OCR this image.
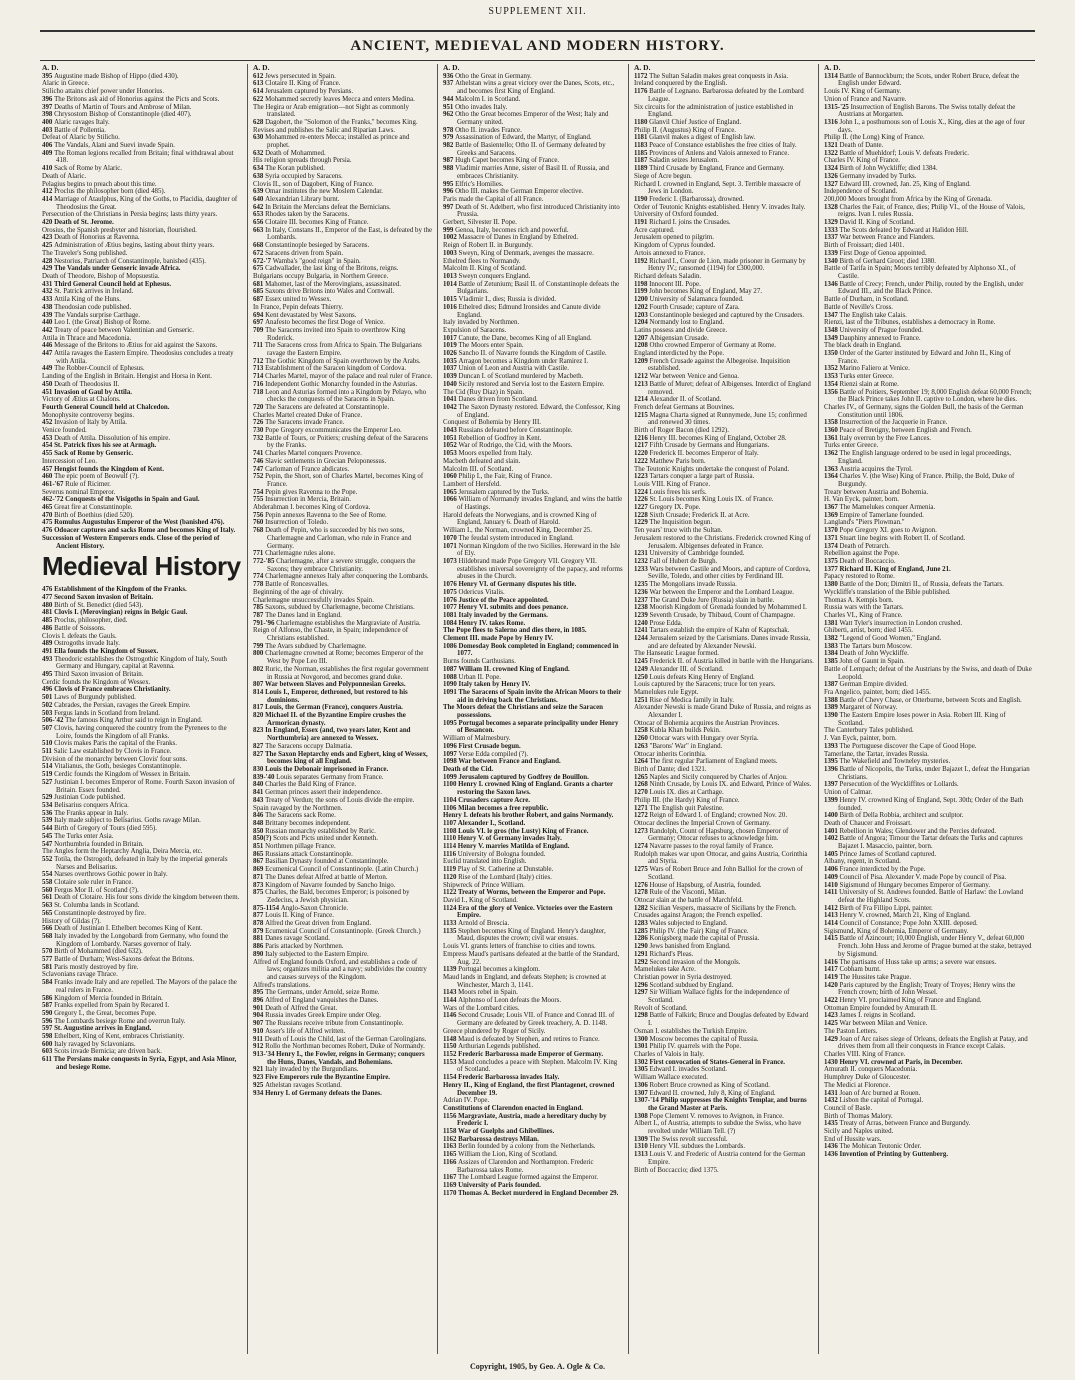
SUPPLEMENT XII.
ANCIENT, MEDIEVAL AND MODERN HISTORY.
A. D.

395 Augustine made Bishop of Hippo (died 430).

Alaric in Greece.

Stilicho attains chief power under Honorius.

396 The Britons ask aid of Honorius against the Picts and Scots.

397 Deaths of Martin of Tours and Ambrose of Milan.

398 Chrysostom Bishop of Constantinople (died 407).

400 Alaric ravages Italy.

403 Battle of Pollentia.

Defeat of Alaric by Stilicho.

406 The Vandals, Alani and Suevi invade Spain.

409 The Roman legions recalled from Britain; final withdrawal about 418.

410 Sack of Rome by Alaric.

Death of Alaric.

Pelagius begins to preach about this time.

412 Proclus the philosopher born (died 485).

414 Marriage of Ataulphus, King of the Goths, to Placidia, daughter of Theodosius the Great.

Persecution of the Christians in Persia begins; lasts thirty years.

420 Death of St. Jerome.

Orosius, the Spanish presbyter and historian, flourished.

423 Death of Honorius at Ravenna.

425 Administration of Ætius begins, lasting about thirty years.

The Traveler's Song published.

428 Nestorius, Patriarch of Constantinople, banished (435).

429 The Vandals under Genseric invade Africa.

Death of Theodore, Bishop of Mopsuestia.

431 Third General Council held at Ephesus.

432 St. Patrick arrives in Ireland.

433 Attila King of the Huns.

438 Theodosian code published.

439 The Vandals surprise Carthage.

440 Leo I. (the Great) Bishop of Rome.

442 Treaty of peace between Valentinian and Genseric.

Attila in Thrace and Macedonia.

446 Message of the Britons to Ætius for aid against the Saxons.

447 Attila ravages the Eastern Empire. Theodosius concludes a treaty with Attila.

449 The Robber-Council of Ephesus.

Landing of the English in Britain. Hengist and Horsa in Kent.

450 Death of Theodosius II.

451 Invasion of Gaul by Attila.

Victory of Ætius at Chalons.

Fourth General Council held at Chalcedon.

Monophysite controversy begins.

452 Invasion of Italy by Attila.

Venice founded.

453 Death of Attila. Dissolution of his empire.

454 St. Patrick fixes his see at Armagh.

455 Sack of Rome by Genseric.

Intercession of Leo.

457 Hengist founds the Kingdom of Kent.

460 The epic poem of Beowulf (?).

461-'67 Rule of Ricimer.

Severus nominal Emperor.

462-'72 Conquests of the Visigoths in Spain and Gaul.

465 Great fire at Constantinople.

470 Birth of Boethius (died 520).

475 Romulus Augustulus Emperor of the West (banished 476).

476 Odoacer captures and sacks Rome and becomes King of Italy.

Succession of Western Emperors ends. Close of the period of Ancient History.

Medieval History

476 Establishment of the Kingdom of the Franks.

477 Second Saxon invasion of Britain.

480 Birth of St. Benedict (died 543).

481 Clovis I. (Merovingian) reigns in Belgic Gaul.

485 Proclus, philosopher, died.

486 Battle of Soissons.

Clovis I. defeats the Gauls.

489 Ostrogoths invade Italy.

491 Ella founds the Kingdom of Sussex.

493 Theodoric establishes the Ostrogothic Kingdom of Italy, South Germany and Hungary, capital at Ravenna.

495 Third Saxon invasion of Britain.

Cerdic founds the Kingdom of Wessex.

496 Clovis of France embraces Christianity.

501 Laws of Burgundy published.

502 Cabrades, the Persian, ravages the Greek Empire.

503 Fergus lands in Scotland from Ireland.

506-'42 The famous King Arthur said to reign in England.

507 Clovis, having conquered the country from the Pyrenees to the Loire, founds the Kingdom of all Franks.

510 Clovis makes Paris the capital of the Franks.

511 Salic Law established by Clovis in France.

Division of the monarchy between Clovis' four sons.

514 Vitalianus, the Goth, besieges Constantinople.

519 Cerdic founds the Kingdom of Wessex in Britain.

527 Justinian I. becomes Emperor of Rome. Fourth Saxon invasion of Britain. Essex founded.

529 Justinian Code published.

534 Belisarius conquers Africa.

536 The Franks appear in Italy.

539 Italy made subject to Belisarius. Goths ravage Milan.

544 Birth of Gregory of Tours (died 595).

545 The Turks enter Asia.

547 Northumbria founded in Britain.

The Angles form the Heptarchy Anglia, Deira Mercia, etc.

552 Totila, the Ostrogoth, defeated in Italy by the imperial generals Narses and Belisarius.

554 Narses overthrows Gothic power in Italy.

558 Clotaire sole ruler in France.

560 Fergus Mor II. of Scotland (?).

561 Death of Clotaire. His four sons divide the kingdom between them.

563 St. Columba lands in Scotland.

565 Constantinople destroyed by fire.

History of Gildas (?).

566 Death of Justinian I. Ethelbert becomes King of Kent.

568 Italy invaded by the Longobardi from Germany, who found the Kingdom of Lombardy. Narses governor of Italy.

570 Birth of Mohammed (died 632).

577 Battle of Durham; West-Saxons defeat the Britons.

581 Paris mostly destroyed by fire.

Sclavonians ravage Thrace.

584 Franks invade Italy and are repelled. The Mayors of the palace the real rulers in France.

586 Kingdom of Mercia founded in Britain.

587 Franks expelled from Spain by Recared I.

590 Gregory I., the Great, becomes Pope.

596 The Lombards besiege Rome and overrun Italy.

597 St. Augustine arrives in England.

598 Ethelbert, King of Kent, embraces Christianity.

600 Italy ravaged by Sclavonians.

603 Scots invade Bernicia; are driven back.

611 The Persians make conquests in Syria, Egypt, and Asia Minor, and besiege Rome.

A. D.

612 Jews persecuted in Spain.

613 Clotaire II. King of France.

614 Jerusalem captured by Persians.

622 Mohammed secretly leaves Mecca and enters Medina.

The Hegira or Arab emigration—not Sight as commonly translated.

628 Dagobert, the "Solomon of the Franks," becomes King.

Revises and publishes the Salic and Riparian Laws.

630 Mohammed re-enters Mecca; installed as prince and prophet.

632 Death of Mohammed.

His religion spreads through Persia.

634 The Koran published.

638 Syria occupied by Saracens.

Clovis II., son of Dagobert, King of France.

639 Omar institutes the new Moslem Calendar.

640 Alexandrian Library burnt.

642 In Britain the Mercians defeat the Bernicians.

653 Rhodes taken by the Saracens.

656 Clotaire III. becomes King of France.

663 In Italy, Constans II., Emperor of the East, is defeated by the Lombards.

668 Constantinople besieged by Saracens.

672 Saracens driven from Spain.

672-'7 Wamba's "good reign" in Spain.

675 Cadwallader, the last king of the Britons, reigns.

Bulgarians occupy Bulgaria, in Northern Greece.

681 Mahomet, last of the Merovingians, assassinated.

685 Saxons drive Britons into Wales and Cornwall.

687 Essex united to Wessex.

In France, Pepin defeats Thierry.

694 Kent devastated by West Saxons.

697 Anafesto becomes the first Doge of Venice.

709 The Saracens invited into Spain to overthrow King Roderick.

711 The Saracens cross from Africa to Spain. The Bulgarians ravage the Eastern Empire.

712 The Gothic Kingdom of Spain overthrown by the Arabs.

713 Establishment of the Saracen kingdom of Cordova.

714 Charles Martel, mayor of the palace and real ruler of France.

716 Independent Gothic Monarchy founded in the Asturias.

718 Leon and Asturias formed into a Kingdom by Pelayo, who checks the conquests of the Saracens in Spain.

720 The Saracens are defeated at Constantinople.

Charles Martel created Duke of France.

726 The Saracens invade France.

730 Pope Gregory excommunicates the Emperor Leo.

732 Battle of Tours, or Poitiers; crushing defeat of the Saracens by the Franks.

741 Charles Martel conquers Provence.

746 Slavic settlements in Grecian Peloponessus.

747 Carloman of France abdicates.

752 Pepin, the Short, son of Charles Martel, becomes King of France.

754 Pepin gives Ravenna to the Pope.

755 Insurrection in Mercia, Britain.

Abderahman I. becomes King of Cordova.

756 Pepin annexes Ravenna to the See of Rome.

760 Insurrection of Toledo.

768 Death of Pepin, who is succeeded by his two sons, Charlemagne and Carloman, who rule in France and Germany.

771 Charlemagne rules alone.

772-'85 Charlemagne, after a severe struggle, conquers the Saxons; they embrace Christianity.

774 Charlemagne annexes Italy after conquering the Lombards.

778 Battle of Roncesvalles.

Beginning of the age of chivalry.

Charlemagne unsuccessfully invades Spain.

785 Saxons, subdued by Charlemagne, become Christians.

787 The Danes land in England.

791-'96 Charlemagne establishes the Margraviate of Austria.

Reign of Alfonso, the Chaste, in Spain; independence of Christians established.

799 The Avars subdued by Charlemagne.

800 Charlemagne crowned at Rome; becomes Emperor of the West by Pope Leo III.

802 Ruric, the Norman, establishes the first regular government in Russia at Novgorod, and becomes grand duke.

807 War between Slaves and Polyponnesian Greeks.

814 Louis I., Emperor, dethroned, but restored to his dominions.

817 Louis, the German (France), conquers Austria.

820 Michael II. of the Byzantine Empire crushes the Armorican dynasty.

823 In England, Essex (and, two years later, Kent and Northumbria) are annexed to Wessex.

827 The Saracens occupy Dalmatia.

827 The Saxon Heptarchy ends and Egbert, king of Wessex, becomes king of all England.

830 Louis the Debonair imprisoned in France.

839-'40 Louis separates Germany from France.

840 Charles the Bald King of France.

841 German princes assert their independence.

843 Treaty of Verdun; the sons of Louis divide the empire.

Spain ravaged by the Northmen.

846 The Saracens sack Rome.

848 Brittany becomes independent.

850 Russian monarchy established by Ruric.

850(?) Scots and Picts united under Kenneth.

851 Northmen pillage France.

865 Russians attack Constantinople.

867 Basilian Dynasty founded at Constantinople.

869 Ecumenical Council of Constantinople. (Latin Church.)

871 The Danes defeat Alfred at battle of Merton.

873 Kingdom of Navarre founded by Sancho Inigo.

875 Charles, the Bald, becomes Emperor; is poisoned by Zedecius, a Jewish physician.

875-1154 Anglo-Saxon Chronicle.

877 Louis II. King of France.

878 Alfred the Great driven from England.

879 Ecumenical Council of Constantinople. (Greek Church.)

881 Danes ravage Scotland.

886 Paris attacked by Northmen.

890 Italy subjected to the Eastern Empire.

Alfred of England founds Oxford, and establishes a code of laws; organizes militia and a navy; subdivides the country and causes surveys of the Kingdom.

Alfred's translations.

895 The Germans, under Arnold, seize Rome.

896 Alfred of England vanquishes the Danes.

901 Death of Alfred the Great.

904 Russia invades Greek Empire under Oleg.

907 The Russians receive tribute from Constantinople.

910 Asser's life of Alfred written.

911 Death of Louis the Child, last of the German Carolingians.

912 Rollo the Northman becomes Robert, Duke of Normandy.

913-'34 Henry I., the Fowler, reigns in Germany; conquers the Huns, Danes, Vandals, and Bohemians.

921 Italy invaded by the Burgundians.

923 Five Emperors rule the Byzantine Empire.

925 Athelstan ravages Scotland.

934 Henry I. of Germany defeats the Danes.

A. D.

936 Otho the Great in Germany.

937 Athelstan wins a great victory over the Danes, Scots, etc., and becomes first King of England.

944 Malcolm I. in Scotland.

951 Otho invades Italy.

962 Otho the Great becomes Emperor of the West; Italy and Germany united.

978 Otho II. invades France.

979 Assassination of Edward, the Martyr, of England.

982 Battle of Basientello; Otho II. of Germany defeated by Greeks and Saracens.

987 Hugh Capet becomes King of France.

988 Vladimir marries Anne, sister of Basil II. of Russia, and embraces Christianity.

995 Elfric's Homilies.

996 Otho III. makes the German Emperor elective.

Paris made the Capital of all France.

997 Death of St. Adelbert, who first introduced Christianity into Prussia.

Gerbert, Silvester II. Pope.

999 Genoa, Italy, becomes rich and powerful.

1002 Massacre of Danes in England by Ethelred.

Reign of Robert II. in Burgundy.

1003 Sweyn, King of Denmark, avenges the massacre.

Ethelred flees to Normandy.

Malcolm II. King of Scotland.

1013 Sweyn conquers England.

1014 Battle of Zetunium; Basil II. of Constantinople defeats the Bulgarians.

1015 Vladimir I., dies; Russia is divided.

1016 Ethelred dies; Edmund Ironsides and Canute divide England.

Italy invaded by Northmen.

Expulsion of Saracens.

1017 Canute, the Dane, becomes King of all England.

1019 The Moors enter Spain.

1026 Sancho II. of Navarre founds the Kingdom of Castile.

1035 Arragon becomes a Kingdom under Ramirez I.

1037 Union of Leon and Austria with Castile.

1039 Duncan I. of Scotland murdered by Macbeth.

1040 Sicily restored and Servia lost to the Eastern Empire.

The Cid (Ruy Diaz) in Spain.

1041 Danes driven from Scotland.

1042 The Saxon Dynasty restored. Edward, the Confessor, King of England.

Conquest of Bohemia by Henry III.

1043 Russians defeated before Constantinople.

1051 Rebellion of Godfrey in Kent.

1052 War of Rodrigo, the Cid, with the Moors.

1053 Moors expelled from Italy.

Macbeth defeated and slain.

Malcolm III. of Scotland.

1060 Philip I., the Fair, King of France.

Lambert of Hersfeld.

1065 Jerusalem captured by the Turks.

1066 William of Normandy invades England, and wins the battle of Hastings.

Harold defeats the Norwegians, and is crowned King of England, January 6. Death of Harold.

William I., the Norman, crowned King, December 25.

1070 The feudal system introduced in England.

1071 Norman Kingdom of the two Sicilies. Hereward in the Isle of Ely.

1073 Hildebrand made Pope Gregory VII. Gregory VII. establishes universal sovereignty of the papacy, and reforms abuses in the Church.

1076 Henry VI. of Germany disputes his title.

1075 Odericus Vitalis.

1076 Justice of the Peace appointed.

1077 Henry VI. submits and does penance.

1081 Italy invaded by the Germans.

1084 Henry IV. takes Rome.

The Pope flees to Salerno and dies there, in 1085.

Clement III. made Pope by Henry IV.

1086 Domesday Book completed in England; commenced in 1077.

Burns founds Carthusians.

1087 William II. crowned King of England.

1088 Urban II. Pope.

1090 Italy taken by Henry IV.

1091 The Saracens of Spain invite the African Moors to their aid in driving back the Christians.

The Moors defeat the Christians and seize the Saracen possessions.

1095 Portugal becomes a separate principality under Henry of Besancon.

William of Malmesbury.

1096 First Crusade begun.

1097 Verse Edda compiled (?).

1098 War between France and England.

Death of the Cid.

1099 Jerusalem captured by Godfrey de Bouillon.

1100 Henry I. crowned King of England. Grants a charter restoring the Saxon laws.

1104 Crusaders capture Acre.

1106 Milan becomes a free republic.

Henry I. defeats his brother Robert, and gains Normandy.

1107 Alexander I., Scotland.

1108 Louis VI. le gros (the Lusty) King of France.

1110 Henry V. of Germany invades Italy.

1114 Henry V. marries Matilda of England.

1116 University of Bologna founded.

Euclid translated into English.

1119 Play of St. Catherine at Dunstable.

1120 Rise of the Lombard (Italy) cities.

Shipwreck of Prince William.

1122 Treaty of Worms, between the Emperor and Pope.

David I., King of Scotland.

1124 Era of the glory of Venice. Victories over the Eastern Empire.

1133 Arnold of Brescia.

1135 Stephen becomes King of England. Henry's daughter, Maud, disputes the crown; civil war ensues.

Louis VI. grants letters of franchise to cities and towns.

Empress Maud's partisans defeated at the battle of the Standard, Aug. 22.

1139 Portugal becomes a kingdom.

Maud lands in England, and defeats Stephen; is crowned at Winchester, March 3, 1141.

1143 Moors rebel in Spain.

1144 Alphonso of Leon defeats the Moors.

Wars of the Lombard cities.

1146 Second Crusade; Louis VII. of France and Conrad III. of Germany are defeated by Greek treachery, A. D. 1148.

Greece plundered by Roger of Sicily.

1148 Maud is defeated by Stephen, and retires to France.

1150 Arthurian Legends published.

1152 Frederic Barbarossa made Emperor of Germany.

1153 Maud concludes a peace with Stephen. Malcolm IV. King of Scotland.

1154 Frederic Barbarossa invades Italy.

Henry II., King of England, the first Plantagenet, crowned December 19.

Adrian IV. Pope.

Constitutions of Clarendon enacted in England.

1156 Margraviate, Austria, made a hereditary duchy by Frederic I.

1158 War of Guelphs and Ghibellines.

1162 Barbarossa destroys Milan.

1163 Berlin founded by a colony from the Netherlands.

1165 William the Lion, King of Scotland.

1166 Assizes of Clarendon and Northampton. Frederic Barbarossa takes Rome.

1167 The Lombard League formed against the Emperor.

1169 University of Paris founded.

1170 Thomas A. Becket murdered in England December 29.

A. D.

1172 The Sultan Saladin makes great conquests in Asia.

Ireland conquered by the English.

1176 Battle of Legnano. Barbarossa defeated by the Lombard League.

Six circuits for the administration of justice established in England.

1180 Glanvil Chief Justice of England.

Philip II. (Augustus) King of France.

1181 Glanvil makes a digest of English law.

1183 Peace of Constance establishes the free cities of Italy.

1185 Provinces of Anlens and Valois annexed to France.

1187 Saladin seizes Jerusalem.

1189 Third Crusade by England, France and Germany.

Siege of Acre begun.

Richard I. crowned in England, Sept. 3. Terrible massacre of Jews in London.

1190 Frederic I. (Barbarossa), drowned.

Order of Teutonic Knights established. Henry V. invades Italy.

University of Oxford founded.

1191 Richard I. joins the Crusades.

Acre captured.

Jerusalem opened to pilgrim.

Kingdom of Cyprus founded.

Artois annexed to France.

1192 Richard I., Coeur de Lion, made prisoner in Germany by Henry IV.; ransomed (1194) for £300,000.

Richard defeats Saladin.

1198 Innocent III. Pope.

1199 John becomes King of England, May 27.

1200 University of Salamanca founded.

1202 Fourth Crusade; capture of Zara.

1203 Constantinople besieged and captured by the Crusaders.

1204 Normandy lost to England.

Latins possess and divide Greece.

1207 Albigensian Crusade.

1208 Otho crowned Emperor of Germany at Rome.

England interdicted by the Pope.

1209 French Crusade against the Albegeoise. Inquisition established.

1212 War between Venice and Genoa.

1213 Battle of Muret; defeat of Albigenses. Interdict of England removed.

1214 Alexander II. of Scotland.

French defeat Germans at Bouvines.

1215 Magna Charta signed at Runnymede, June 15; confirmed and renewed 30 times.

Birth of Roger Bacon (died 1292).

1216 Henry III. becomes King of England, October 28.

1217 Fifth Crusade by Germans and Hungarians.

1220 Frederick II. becomes Emperor of Italy.

1222 Matthew Paris born.

The Teutonic Knights undertake the conquest of Poland.

1223 Tartars conquer a large part of Russia.

Louis VIII. King of France.

1224 Louis frees his serfs.

1226 St. Louis becomes King Louis IX. of France.

1227 Gregory IX. Pope.

1228 Sixth Crusade; Frederick II. at Acre.

1229 The Inquisition begun.

Ten years' truce with the Sultan.

Jerusalem restored to the Christians. Frederick crowned King of Jerusalem. Albigenses defeated in France.

1231 University of Cambridge founded.

1232 Fall of Hubert de Burgh.

1233 Wars between Castile and Moors, and capture of Cordova, Seville, Toledo, and other cities by Ferdinand III.

1235 The Mongolians invade Russia.

1236 War between the Emperor and the Lombard League.

1237 The Grand Duke Jure (Russia) slain in battle.

1238 Moorish Kingdom of Grenada founded by Mohammed I.

1239 Seventh Crusade, by Thibaud, Count of Champagne.

1240 Prose Edda.

1241 Tartars establish the empire of Kahn of Kaptschak.

1244 Jerusalem seized by the Carismians. Danes invade Russia, and are defeated by Alexander Newski.

The Hanseatic League formed.

1245 Frederick II. of Austria killed in battle with the Hungarians.

1249 Alexander III. of Scotland.

1250 Louis defeats King Henry of England.

Louis captured by the Saracens; truce for ten years.

Mamelukes rule Egypt.

1251 Rise of Medica family in Italy.

Alexander Newski is made Grand Duke of Russia, and reigns as Alexander I.

Ottocar of Bohemia acquires the Austrian Provinces.

1258 Kubla Khan builds Pekin.

1260 Ottocar wars with Hungary over Styria.

1263 "Barons' War" in England.

Ottocar inherits Corinthia.

1264 The first regular Parliament of England meets.

Birth of Dante; died 1321.

1265 Naples and Sicily conquered by Charles of Anjou.

1268 Ninth Crusade, by Louis IX. and Edward, Prince of Wales.

1270 Louis IX. dies at Carthage.

Philip III. (the Hardy) King of France.

1271 The English quit Palestine.

1272 Reign of Edward I. of England; crowned Nov. 20.

Ottocar declines the Imperial Crown of Germany.

1273 Randolph, Count of Hapsburg, chosen Emperor of Germany; Ottocar refuses to acknowledge him.

1274 Navarre passes to the royal family of France.

Rudolph makes war upon Ottocar, and gains Austria, Corinthia and Styria.

1275 Wars of Robert Bruce and John Balliol for the crown of Scotland.

1276 House of Hapsburg, of Austria, founded.

1278 Rule of the Visconti, Milan.

Ottocar slain at the battle of Marchfeld.

1282 Sicilian Vespers, massacre of Sicilians by the French.

Crusades against Aragon; the French expelled.

1283 Wales subjected to England.

1285 Philip IV. (the Fair) King of France.

1286 Konigsberg made the capital of Prussia.

1290 Jews banished from England.

1291 Richard's Pleas.

1292 Second invasion of the Mongols.

Mamelukes take Acre.

Christian power in Syria destroyed.

1296 Scotland subdued by England.

1297 Sir William Wallace fights for the independence of Scotland.

Revolt of Scotland.

1298 Battle of Falkirk; Bruce and Douglas defeated by Edward I.

Osman I. establishes the Turkish Empire.

1300 Moscow becomes the capital of Russia.

1301 Philip IV. quarrels with the Pope.

Charles of Valois in Italy.

1302 First convocation of States-General in France.

1305 Edward I. invades Scotland.

William Wallace executed.

1306 Robert Bruce crowned as King of Scotland.

1307 Edward II. crowned, July 8, King of England.

1307-'14 Philip suppresses the Knights Templar, and burns the Grand Master at Paris.

1308 Pope Clement V. removes to Avignon, in France.

Albert I., of Austria, attempts to subdue the Swiss, who have revolted under William Tell. (?)

1309 The Swiss revolt successful.

1310 Henry VII. subdues the Lombards.

1313 Louis V. and Frederic of Austria contend for the German Empire.

Birth of Boccaccio; died 1375.

A. D.

1314 Battle of Bannockburn; the Scots, under Robert Bruce, defeat the English under Edward.

Louis IV. King of Germany.

Union of France and Navarre.

1315-'25 Insurrection of English Barons. The Swiss totally defeat the Austrians at Morgarten.

1316 John I., a posthumous son of Louis X., King, dies at the age of four days.

Philip II. (the Long) King of France.

1321 Death of Dante.

1322 Battle of Muehldorf; Louis V. defeats Frederic.

Charles IV. King of France.

1324 Birth of John Wyckliffe; died 1384.

1326 Germany invaded by Turks.

1327 Edward III. crowned, Jan. 25, King of England.

Independence of Scotland.

200,000 Moors brought from Africa by the King of Grenada.

1328 Charles the Fair, of France, dies; Philip VI., of the House of Valois, reigns. Ivan I. rules Russia.

1329 David II. King of Scotland.

1333 The Scots defeated by Edward at Halidon Hill.

1337 War between France and Flanders.

Birth of Froissart; died 1401.

1339 First Doge of Genoa appointed.

1340 Birth of Gerhard Groot; died 1380.

Battle of Tarifa in Spain; Moors terribly defeated by Alphonso XI., of Castile.

1346 Battle of Crecy; French, under Philip, routed by the English, under Edward III., and the Black Prince.

Battle of Durham, in Scotland.

Battle of Neville's Cross.

1347 The English take Calais.

Rienzi, last of the Tribunes, establishes a democracy in Rome.

1348 University of Prague founded.

1349 Dauphiny annexed to France.

The black death in England.

1350 Order of the Garter instituted by Edward and John II., King of France.

1352 Marino Faliero at Venice.

1353 Turks enter Greece.

1354 Rienzi slain at Rome.

1356 Battle of Poitiers, September 19; 8,000 English defeat 60,000 French; the Black Prince takes John II. captive to London, where he dies.

Charles IV., of Germany, signs the Golden Bull, the basis of the German Constitution until 1806.

1358 Insurrection of the Jacquerie in France.

1360 Peace of Bretigny, between English and French.

1361 Italy overrun by the Free Lances.

Turks enter Greece.

1362 The English language ordered to be used in legal proceedings, England.

1363 Austria acquires the Tyrol.

1364 Charles V. (the Wise) King of France. Philip, the Bold, Duke of Burgundy.

Treaty between Austria and Bohemia.

H. Van Eyck, painter, born.

1367 The Mamelukes conquer Armenia.

1369 Empire of Tamerlane founded.

Langland's "Piers Plowman."

1370 Pope Gregory XI. goes to Avignon.

1371 Stuart line begins with Robert II. of Scotland.

1374 Death of Petrarch.

Rebellion against the Pope.

1375 Death of Boccaccio.

1377 Richard II. King of England, June 21.

Papacy restored to Rome.

1380 Battle of the Don; Dimitri II., of Russia, defeats the Tartars.

Wyckliffe's translation of the Bible published.

Thomas A. Kempis born.

Russia wars with the Tartars.

Charles VI., King of France.

1381 Watt Tyler's insurrection in London crushed.

Ghiberti, artist, born; died 1455.

1382 "Legend of Good Women," England.

1383 The Tartars burn Moscow.

1384 Death of John Wyckliffe.

1385 John of Gaunt in Spain.

Battle of Lempach; defeat of the Austrians by the Swiss, and death of Duke Leopold.

1387 German Empire divided.

Fra Angelico, painter, born; died 1455.

1388 Battle of Chevy Chase, or Otterburne, between Scots and English.

1389 Margaret of Norway.

1390 The Eastern Empire loses power in Asia. Robert III. King of Scotland.

The Canterbury Tales published.

J. Van Eyck, painter, born.

1393 The Portuguese discover the Cape of Good Hope.

Tamerlane, the Tartar, invades Russia.

1395 The Wakefield and Towneley mysteries.

1396 Battle of Nicopolis, the Turks, under Bajazet I., defeat the Hungarian Christians.

1397 Persecution of the Wyckliffites or Lollards.

Union of Calmar.

1399 Henry IV. crowned King of England, Sept. 30th; Order of the Bath founded.

1400 Birth of Della Robbia, architect and sculptor.

Death of Chaucer and Froissart.

1401 Rebellion in Wales; Glendower and the Percies defeated.

1402 Battle of Angora; Timour the Tartar defeats the Turks and captures Bajazet I. Masaccio, painter, born.

1405 Prince James of Scotland captured.

Albany, regent, in Scotland.

1406 France interdicted by the Pope.

1409 Council of Pisa. Alexander V. made Pope by council of Pisa.

1410 Sigismund of Hungary becomes Emperor of Germany.

1411 University of St. Andrews founded. Battle of Harlaw: the Lowland defeat the Highland Scots.

1412 Birth of Fra Fillipo Lippi, painter.

1413 Henry V. crowned, March 21, King of England.

1414 Council of Constance; Pope John XXIII. deposed.

Sigismund, King of Bohemia, Emperor of Germany.

1415 Battle of Azincourt; 10,000 English, under Henry V., defeat 60,000 French. John Huss and Jerome of Prague burned at the stake, betrayed by Sigismund.

1416 The partisans of Huss take up arms; a severe war ensues.

1417 Cobham burnt.

1419 The Hussites take Prague.

1420 Paris captured by the English; Treaty of Troyes; Henry wins the French crown; birth of John Wessel.

1422 Henry VI. proclaimed King of France and England.

Ottoman Empire founded by Amurath II.

1423 James I. reigns in Scotland.

1425 War between Milan and Venice.

The Paston Letters.

1429 Joan of Arc raises siege of Orleans, defeats the English at Patay, and drives them from all their conquests in France except Calais.

Charles VIII. King of France.

1430 Henry VI. crowned at Paris, in December.

Amurath II. conquers Macedonia.

Humphrey Duke of Gloucester.

The Medici at Florence.

1431 Joan of Arc burned at Rouen.

1432 Lisbon the capital of Portugal.

Council of Basle.

Birth of Thomas Malory.

1435 Treaty of Arras, between France and Burgundy.

Sicily and Naples united.

End of Hussite wars.

1436 The Mohican Teutonic Order.

1436 Invention of Printing by Guttenberg.

Copyright, 1905, by Geo. A. Ogle & Co.
